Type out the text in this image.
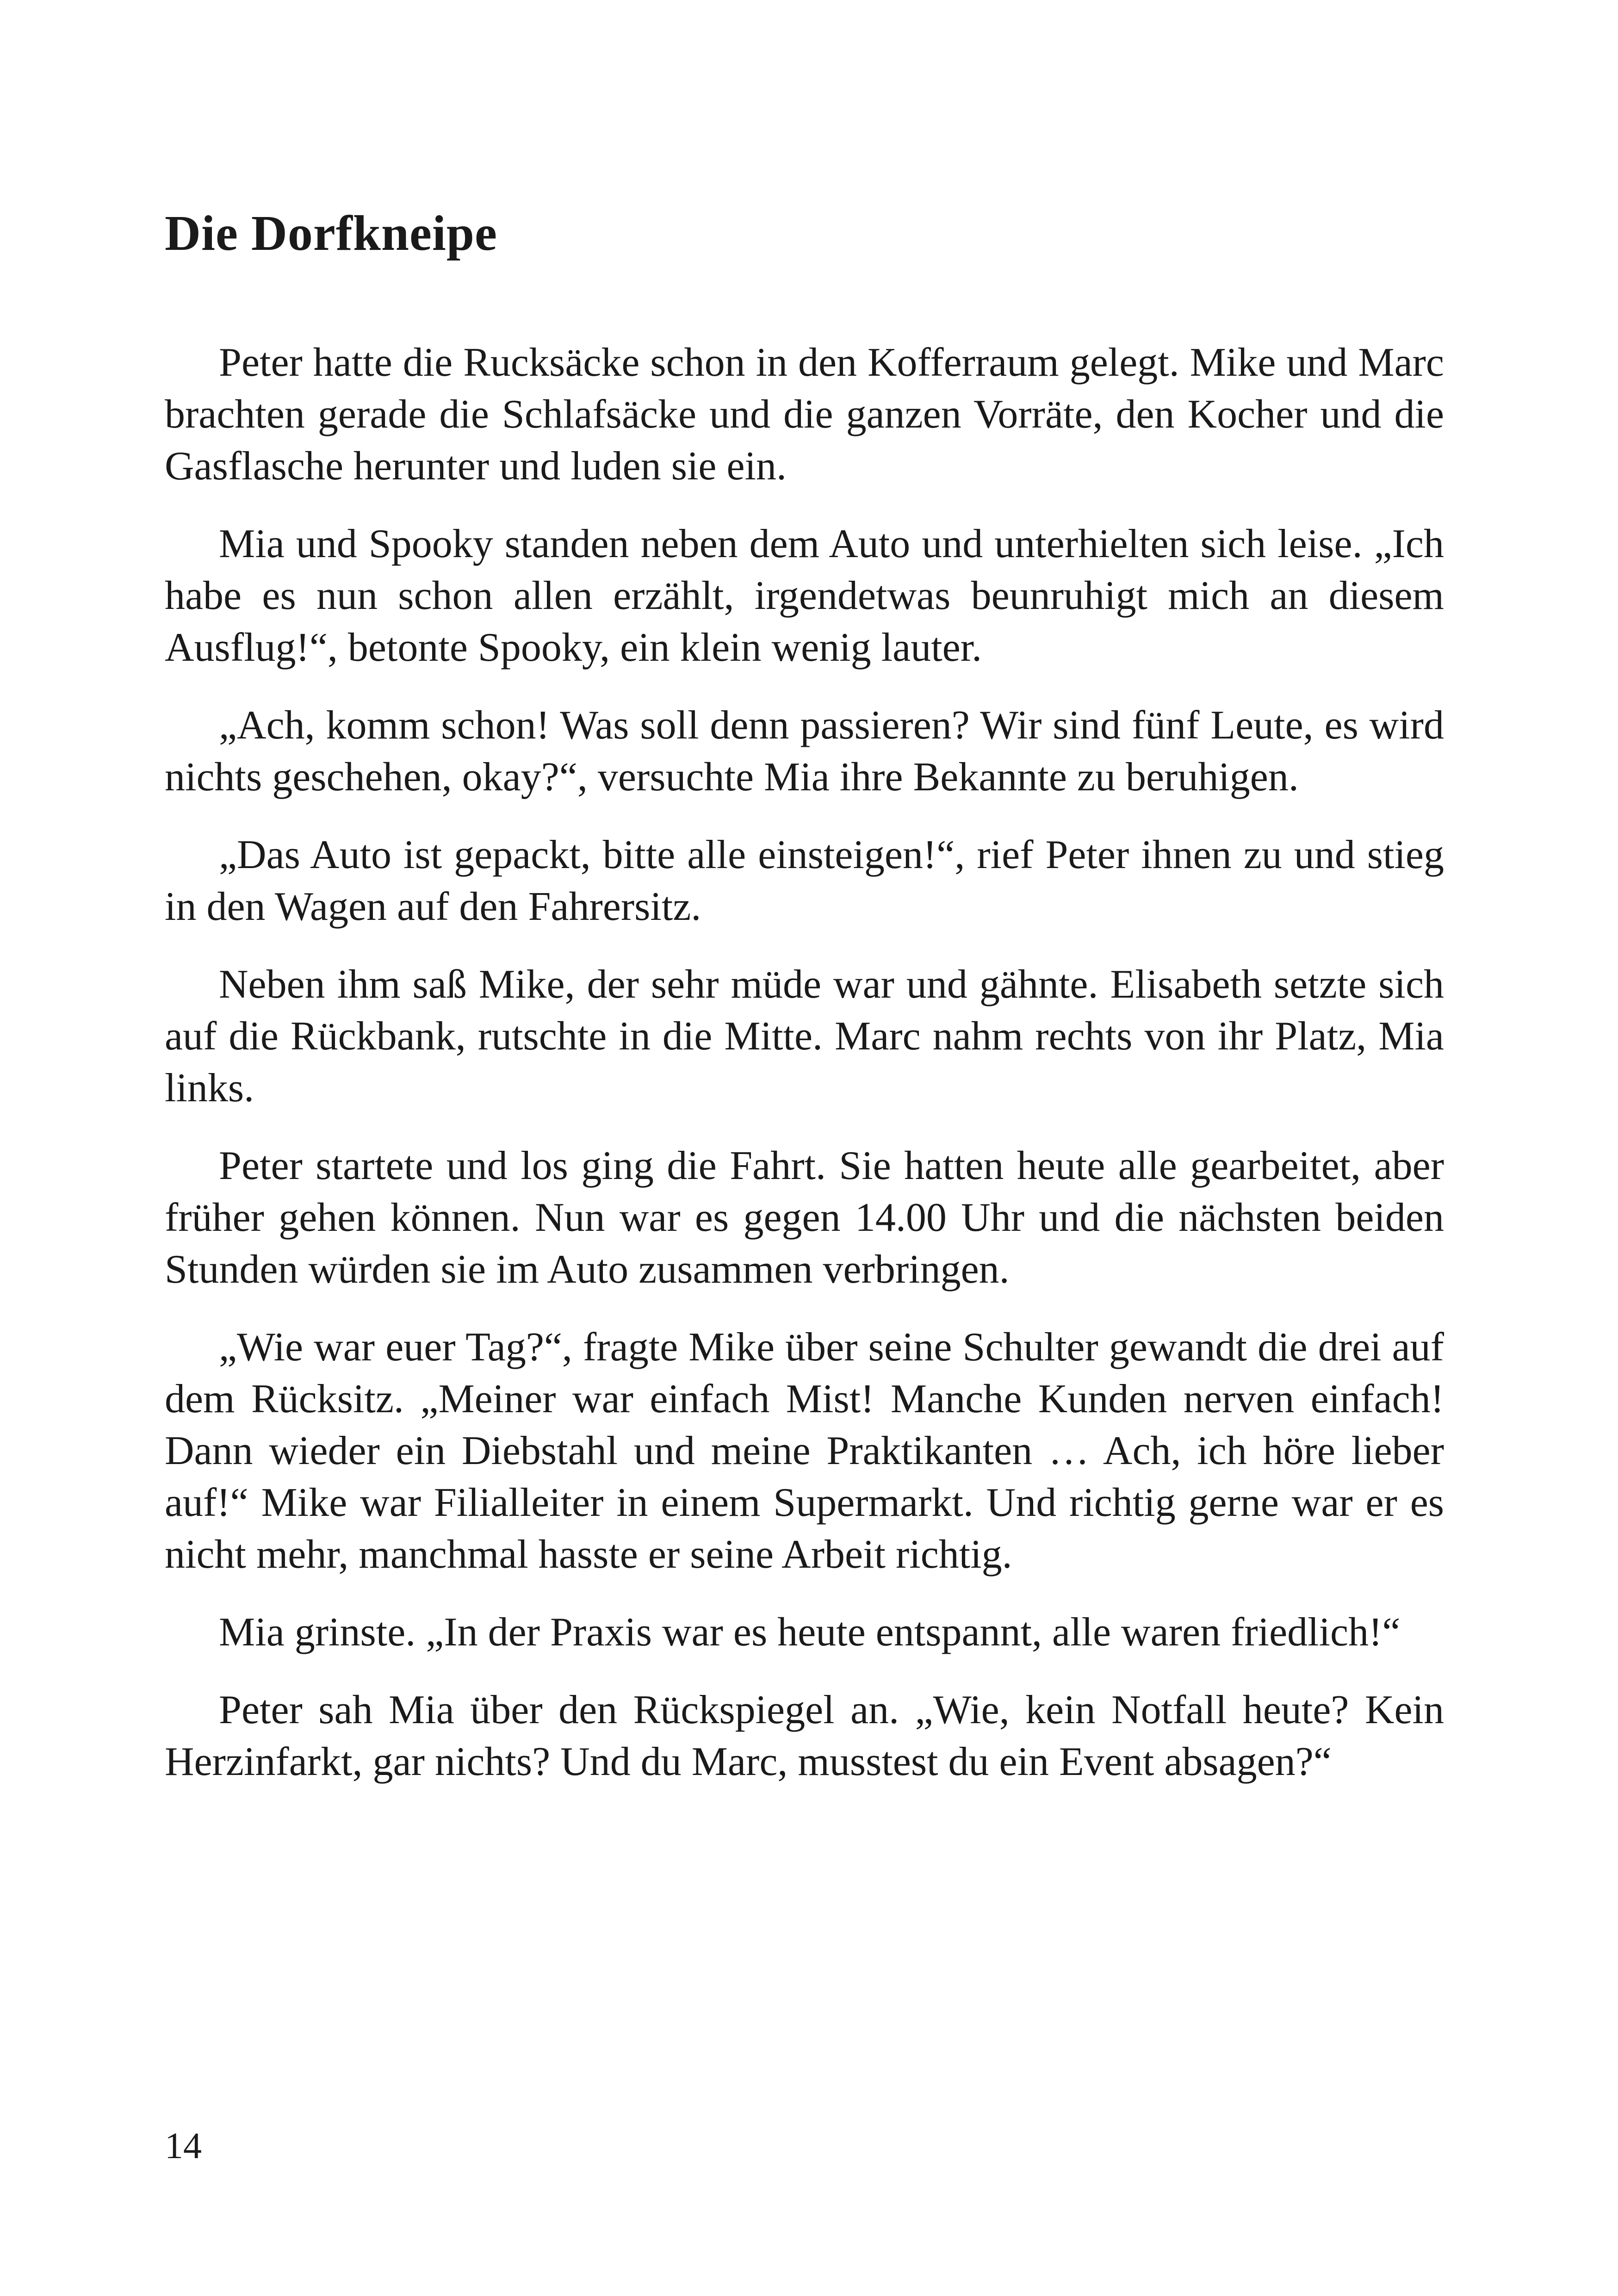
Die Dorfkneipe

Peter hatte die Rucksäcke schon in den Kofferraum gelegt. Mike und Marc brachten gerade die Schlafsäcke und die ganzen Vorräte, den Kocher und die Gasflasche herunter und luden sie ein.

Mia und Spooky standen neben dem Auto und unterhielten sich leise. „Ich habe es nun schon allen erzählt, irgendetwas beunruhigt mich an diesem Ausflug!“, betonte Spooky, ein klein wenig lauter.

„Ach, komm schon! Was soll denn passieren? Wir sind fünf Leute, es wird nichts geschehen, okay?“, versuchte Mia ihre Bekannte zu beruhigen.

„Das Auto ist gepackt, bitte alle einsteigen!“, rief Peter ihnen zu und stieg in den Wagen auf den Fahrersitz.

Neben ihm saß Mike, der sehr müde war und gähnte. Elisabeth setzte sich auf die Rückbank, rutschte in die Mitte. Marc nahm rechts von ihr Platz, Mia links.

Peter startete und los ging die Fahrt. Sie hatten heute alle gearbeitet, aber früher gehen können. Nun war es gegen 14.00 Uhr und die nächsten beiden Stunden würden sie im Auto zusammen verbringen.

„Wie war euer Tag?“, fragte Mike über seine Schulter gewandt die drei auf dem Rücksitz. „Meiner war einfach Mist! Manche Kunden nerven einfach! Dann wieder ein Diebstahl und meine Praktikanten … Ach, ich höre lieber auf!“ Mike war Filialleiter in einem Supermarkt. Und richtig gerne war er es nicht mehr, manchmal hasste er seine Arbeit richtig.

Mia grinste. „In der Praxis war es heute entspannt, alle waren friedlich!“

Peter sah Mia über den Rückspiegel an. „Wie, kein Notfall heute? Kein Herzinfarkt, gar nichts? Und du Marc, musstest du ein Event absagen?“

14
